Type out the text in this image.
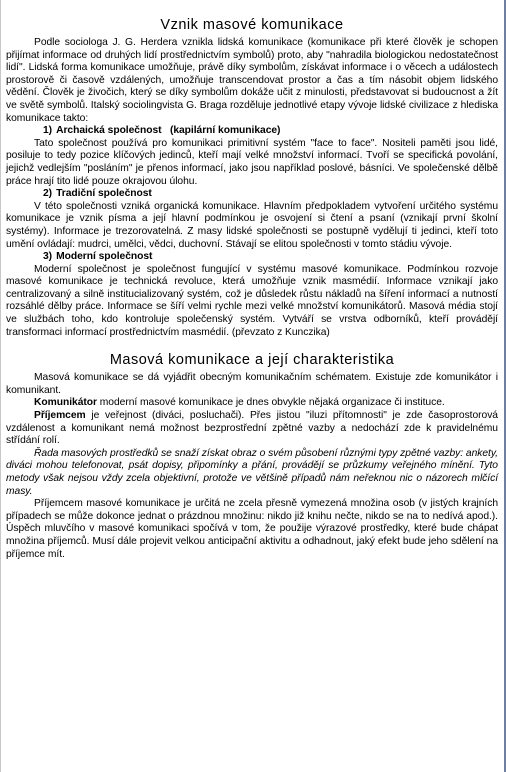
Vznik masové komunikace

Podle sociologa J. G. Herdera vznikla lidská komunikace (komunikace při které člověk je schopen přijímat informace od druhých lidí prostřednictvím symbolů) proto, aby "nahradila biologickou nedostatečnost lidí". Lidská forma komunikace umožňuje, právě díky symbolům, získávat informace i o věcech a událostech prostorově či časově vzdálených, umožňuje transcendovat prostor a čas a tím násobit objem lidského vědění. Člověk je živočich, který se díky symbolům dokáže učit z minulosti, představovat si budoucnost a žít ve světě symbolů. Italský sociolingvista G. Braga rozděluje jednotlivé etapy vývoje lidské civilizace z hlediska komunikace takto:

1) Archaická společnost   (kapilární komunikace)

Tato společnost používá pro komunikaci primitivní systém "face to face". Nositeli paměti jsou lidé, posiluje to tedy pozice klíčových jedinců, kteří mají velké množství informací. Tvoří se specifická povolání, jejichž vedlejším "posláním" je přenos informací, jako jsou například poslové, básníci. Ve společenské dělbě práce hrají tito lidé pouze okrajovou úlohu.

2) Tradiční společnost

V této společnosti vzniká organická komunikace. Hlavním předpokladem vytvoření určitého systému komunikace je vznik písma a její hlavní podmínkou je osvojení si čtení a psaní (vznikají první školní systémy). Informace je trezorovatelná. Z masy lidské společnosti se postupně vydělují ti jedinci, kteří toto umění ovládají: mudrci, umělci, vědci, duchovní. Stávají se elitou společnosti v tomto stádiu vývoje.

3) Moderní společnost

Moderní společnost je společnost fungující v systému masové komunikace. Podmínkou rozvoje masové komunikace je technická revoluce, která umožňuje vznik masmédií. Informace vznikají jako centralizovaný a silně institucializovaný systém, což je důsledek růstu nákladů na šíření informací a nutností rozsáhlé dělby práce. Informace se šíří velmi rychle mezi velké množství komunikátorů. Masová média stojí ve službách toho, kdo kontroluje společenský systém. Vytváří se vrstva odborníků, kteří provádějí transformaci informací prostřednictvím masmédií. (převzato z Kunczika)

Masová komunikace a její charakteristika

Masová komunikace se dá vyjádřit obecným komunikačním schématem. Existuje zde komunikátor i komunikant.

Komunikátor moderní masové komunikace je dnes obvykle nějaká organizace či instituce.

Příjemcem je veřejnost (diváci, posluchači). Přes jistou "iluzi přítomnosti" je zde časoprostorová vzdálenost a komunikant nemá možnost bezprostřední zpětné vazby a nedochází zde k pravidelnému střídání rolí.

Řada masových prostředků se snaží získat obraz o svém působení různými typy zpětné vazby: ankety, diváci mohou telefonovat, psát dopisy, připomínky a přání, provádějí se průzkumy veřejného mínění. Tyto metody však nejsou vždy zcela objektivní, protože ve většině případů nám neřeknou nic o názorech mlčící masy.

Příjemcem masové komunikace je určitá ne zcela přesně vymezená množina osob (v jistých krajních případech se může dokonce jednat o prázdnou množinu: nikdo již knihu nečte, nikdo se na to nedívá apod.). Úspěch mluvčího v masové komunikaci spočívá v tom, že použije výrazové prostředky, které bude chápat množina příjemců. Musí dále projevit velkou anticipační aktivitu a odhadnout, jaký efekt bude jeho sdělení na příjemce mít.
